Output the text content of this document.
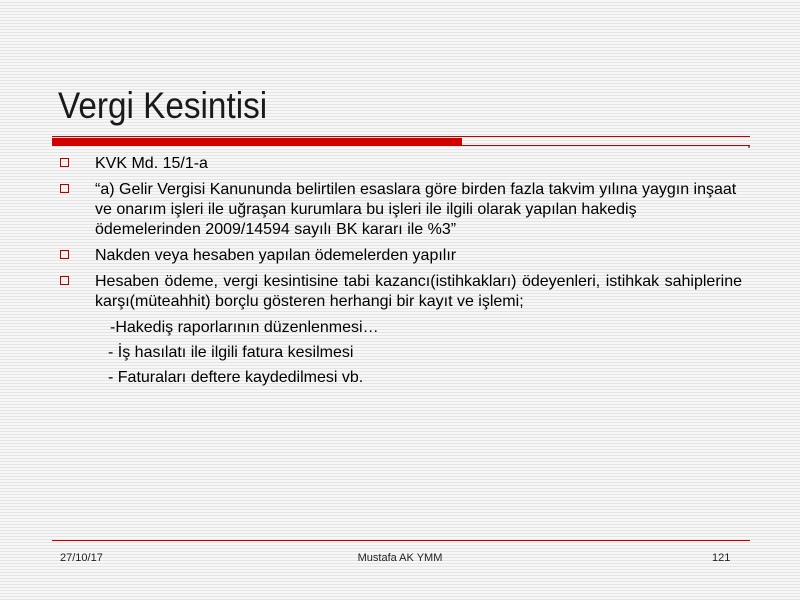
Vergi Kesintisi
KVK Md. 15/1-a
“a) Gelir Vergisi Kanununda belirtilen esaslara göre birden fazla takvim yılına yaygın inşaat ve onarım işleri ile uğraşan kurumlara bu işleri ile ilgili olarak yapılan hakediş ödemelerinden 2009/14594 sayılı BK kararı ile %3”
Nakden veya hesaben yapılan ödemelerden yapılır
Hesaben ödeme, vergi kesintisine tabi kazancı(istihkakları) ödeyenleri, istihkak sahiplerine karşı(müteahhit) borçlu gösteren herhangi bir kayıt ve işlemi;
-Hakediş raporlarının düzenlenmesi…
- İş hasılatı ile ilgili fatura kesilmesi
- Faturaları deftere kaydedilmesi vb.
27/10/17	Mustafa AK YMM	121
